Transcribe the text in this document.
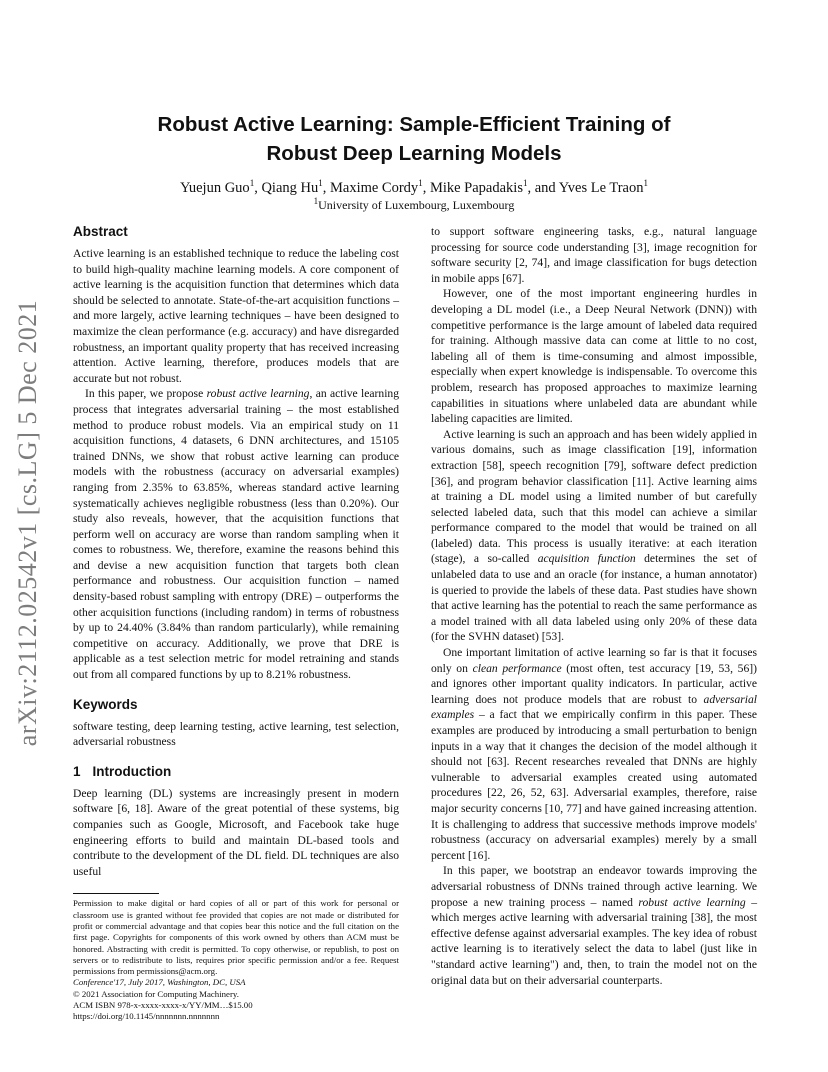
arXiv:2112.02542v1 [cs.LG] 5 Dec 2021
Robust Active Learning: Sample-Efficient Training of
Robust Deep Learning Models
Yuejun Guo$^1$, Qiang Hu$^1$, Maxime Cordy$^1$, Mike Papadakis$^1$, and Yves Le Traon$^1$
$^1$University of Luxembourg, Luxembourg
Abstract

Active learning is an established technique to reduce the labeling cost to build high-quality machine learning models. A core component of active learning is the acquisition function that determines which data should be selected to annotate. State-of-the-art acquisition functions – and more largely, active learning techniques – have been designed to maximize the clean performance (e.g. accuracy) and have disregarded robustness, an important quality property that has received increasing attention. Active learning, therefore, produces models that are accurate but not robust.

In this paper, we propose robust active learning, an active learning process that integrates adversarial training – the most established method to produce robust models. Via an empirical study on 11 acquisition functions, 4 datasets, 6 DNN architectures, and 15105 trained DNNs, we show that robust active learning can produce models with the robustness (accuracy on adversarial examples) ranging from 2.35% to 63.85%, whereas standard active learning systematically achieves negligible robustness (less than 0.20%). Our study also reveals, however, that the acquisition functions that perform well on accuracy are worse than random sampling when it comes to robustness. We, therefore, examine the reasons behind this and devise a new acquisition function that targets both clean performance and robustness. Our acquisition function – named density-based robust sampling with entropy (DRE) – outperforms the other acquisition functions (including random) in terms of robustness by up to 24.40% (3.84% than random particularly), while remaining competitive on accuracy. Additionally, we prove that DRE is applicable as a test selection metric for model retraining and stands out from all compared functions by up to 8.21% robustness.

Keywords

software testing, deep learning testing, active learning, test selection, adversarial robustness

1 Introduction

Deep learning (DL) systems are increasingly present in modern software [6, 18]. Aware of the great potential of these systems, big companies such as Google, Microsoft, and Facebook take huge engineering efforts to build and maintain DL-based tools and contribute to the development of the DL field. DL techniques are also useful

Permission to make digital or hard copies of all or part of this work for personal or classroom use is granted without fee provided that copies are not made or distributed for profit or commercial advantage and that copies bear this notice and the full citation on the first page. Copyrights for components of this work owned by others than ACM must be honored. Abstracting with credit is permitted. To copy otherwise, or republish, to post on servers or to redistribute to lists, requires prior specific permission and/or a fee. Request permissions from permissions@acm.org.
Conference'17, July 2017, Washington, DC, USA
© 2021 Association for Computing Machinery.
ACM ISBN 978-x-xxxx-xxxx-x/YY/MM…$15.00
https://doi.org/10.1145/nnnnnnn.nnnnnnn

to support software engineering tasks, e.g., natural language processing for source code understanding [3], image recognition for software security [2, 74], and image classification for bugs detection in mobile apps [67].

However, one of the most important engineering hurdles in developing a DL model (i.e., a Deep Neural Network (DNN)) with competitive performance is the large amount of labeled data required for training. Although massive data can come at little to no cost, labeling all of them is time-consuming and almost impossible, especially when expert knowledge is indispensable. To overcome this problem, research has proposed approaches to maximize learning capabilities in situations where unlabeled data are abundant while labeling capacities are limited.

Active learning is such an approach and has been widely applied in various domains, such as image classification [19], information extraction [58], speech recognition [79], software defect prediction [36], and program behavior classification [11]. Active learning aims at training a DL model using a limited number of but carefully selected labeled data, such that this model can achieve a similar performance compared to the model that would be trained on all (labeled) data. This process is usually iterative: at each iteration (stage), a so-called acquisition function determines the set of unlabeled data to use and an oracle (for instance, a human annotator) is queried to provide the labels of these data. Past studies have shown that active learning has the potential to reach the same performance as a model trained with all data labeled using only 20% of these data (for the SVHN dataset) [53].

One important limitation of active learning so far is that it focuses only on clean performance (most often, test accuracy [19, 53, 56]) and ignores other important quality indicators. In particular, active learning does not produce models that are robust to adversarial examples – a fact that we empirically confirm in this paper. These examples are produced by introducing a small perturbation to benign inputs in a way that it changes the decision of the model although it should not [63]. Recent researches revealed that DNNs are highly vulnerable to adversarial examples created using automated procedures [22, 26, 52, 63]. Adversarial examples, therefore, raise major security concerns [10, 77] and have gained increasing attention. It is challenging to address that successive methods improve models' robustness (accuracy on adversarial examples) merely by a small percent [16].

In this paper, we bootstrap an endeavor towards improving the adversarial robustness of DNNs trained through active learning. We propose a new training process – named robust active learning – which merges active learning with adversarial training [38], the most effective defense against adversarial examples. The key idea of robust active learning is to iteratively select the data to label (just like in "standard active learning") and, then, to train the model not on the original data but on their adversarial counterparts.
